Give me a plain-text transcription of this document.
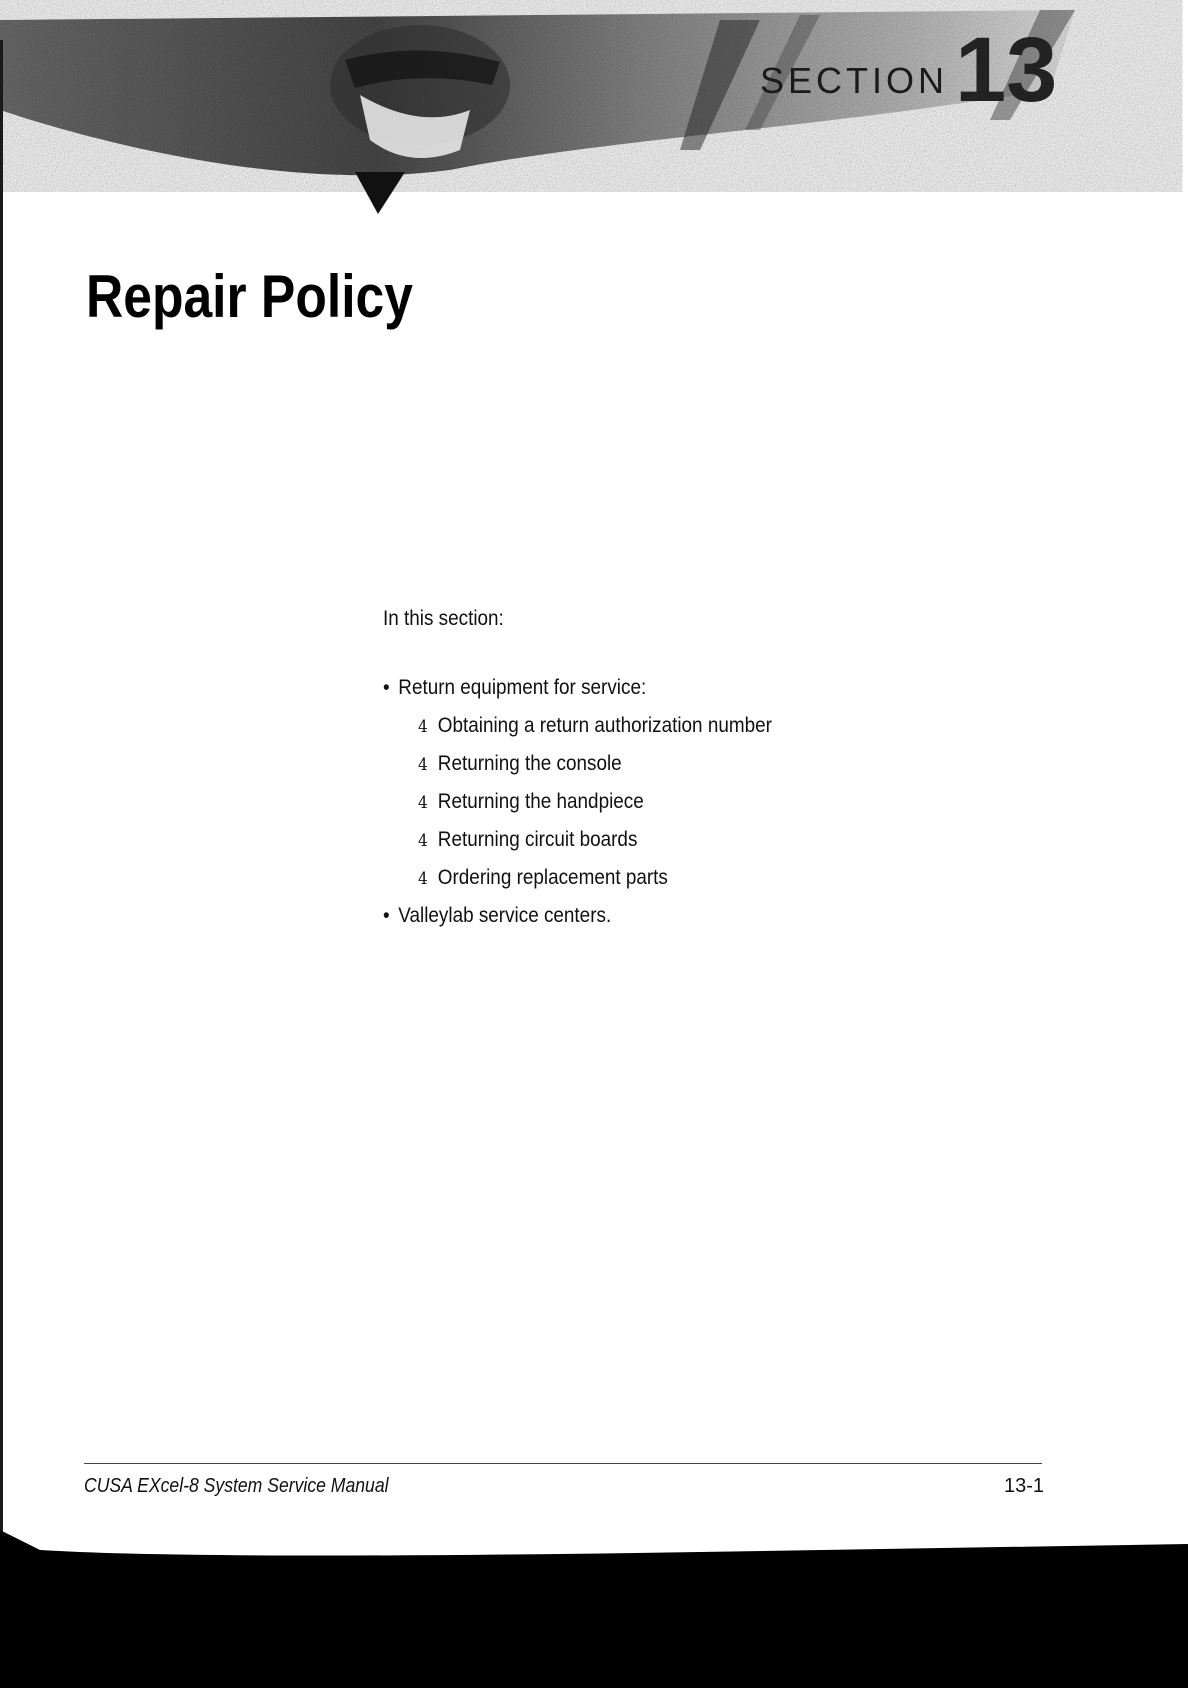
SECTION 13
Repair Policy
In this section:
• Return equipment for service:
4 Obtaining a return authorization number
4 Returning the console
4 Returning the handpiece
4 Returning circuit boards
4 Ordering replacement parts
• Valleylab service centers.
CUSA EXcel-8 System Service Manual	13-1
